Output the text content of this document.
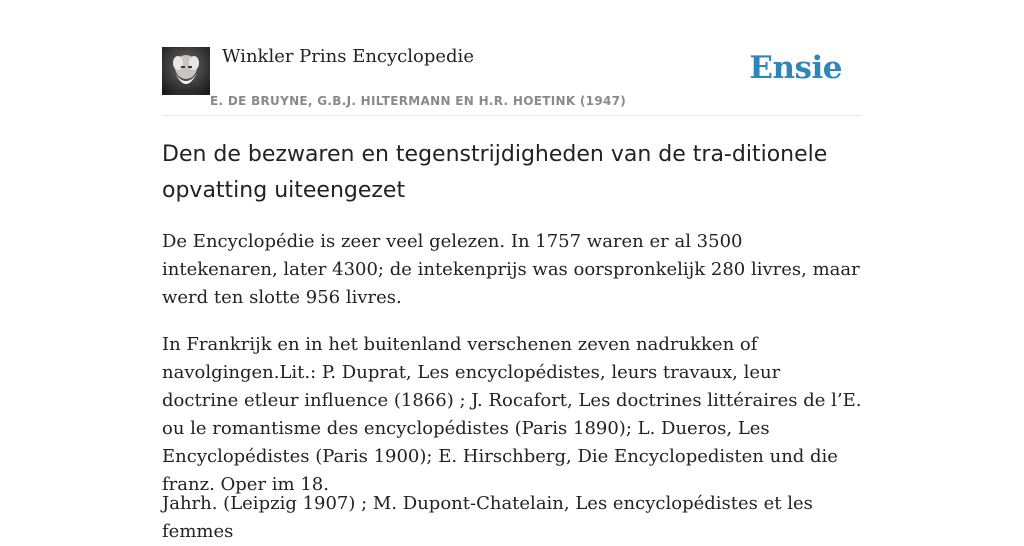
Winkler Prins Encyclopedie
E. DE BRUYNE, G.B.J. HILTERMANN EN H.R. HOETINK (1947)
Ensie
Den de bezwaren en tegenstrijdigheden van de tra-ditionele opvatting uiteengezet

De Encyclopédie is zeer veel gelezen. In 1757 waren er al 3500 intekenaren, later 4300; de intekenprijs was oorspronkelijk 280 livres, maar werd ten slotte 956 livres.

In Frankrijk en in het buitenland verschenen zeven nadrukken of navolgingen.Lit.: P. Duprat, Les encyclopédistes, leurs travaux, leur doctrine etleur influence (1866) ; J. Rocafort, Les doctrines littéraires de l’E. ou le romantisme des encyclopédistes (Paris 1890); L. Dueros, Les Encyclopédistes (Paris 1900); E. Hirschberg, Die Encyclopedisten und die franz. Oper im 18.

Jahrh. (Leipzig 1907) ; M. Dupont-Chatelain, Les encyclopédistes et les femmes
